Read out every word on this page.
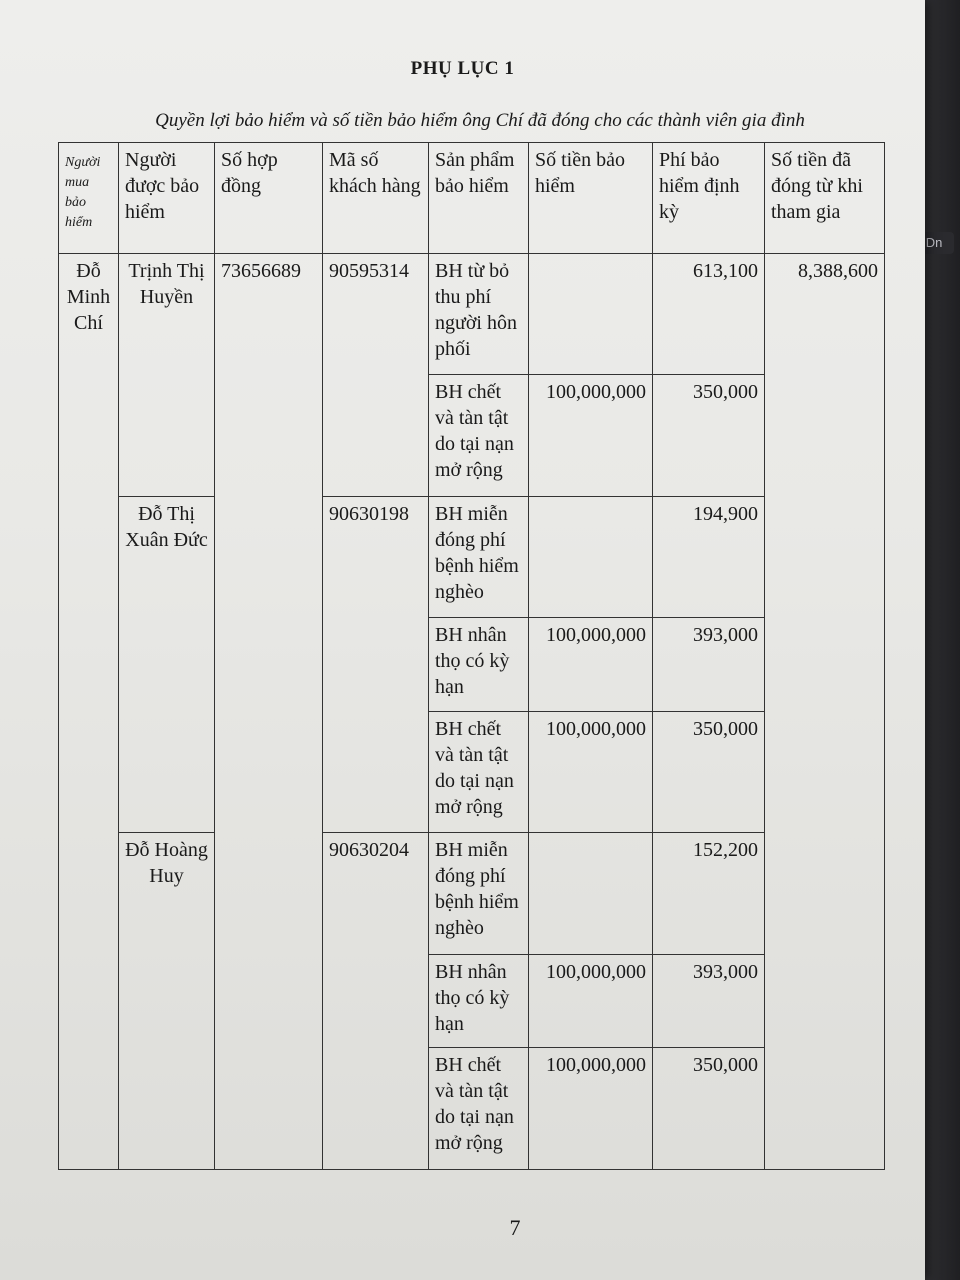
Dn
PHỤ LỤC 1
Quyền lợi bảo hiểm và số tiền bảo hiểm ông Chí đã đóng cho các thành viên gia đình
Người mua bảo hiểm	Người được bảo hiểm	Số hợp đồng	Mã số khách hàng	Sản phẩm bảo hiểm	Số tiền bảo hiểm	Phí bảo hiểm định kỳ	Số tiền đã đóng từ khi tham gia
Đỗ Minh Chí	Trịnh Thị Huyền	73656689	90595314	BH từ bỏ thu phí người hôn phối		613,100	8,388,600
				BH chết và tàn tật do tại nạn mở rộng	100,000,000	350,000	
	Đỗ Thị Xuân Đức		90630198	BH miễn đóng phí bệnh hiểm nghèo		194,900	
				BH nhân thọ có kỳ hạn	100,000,000	393,000	
				BH chết và tàn tật do tại nạn mở rộng	100,000,000	350,000	
	Đỗ Hoàng Huy		90630204	BH miễn đóng phí bệnh hiểm nghèo		152,200	
				BH nhân thọ có kỳ hạn	100,000,000	393,000	
				BH chết và tàn tật do tại nạn mở rộng	100,000,000	350,000	
7
